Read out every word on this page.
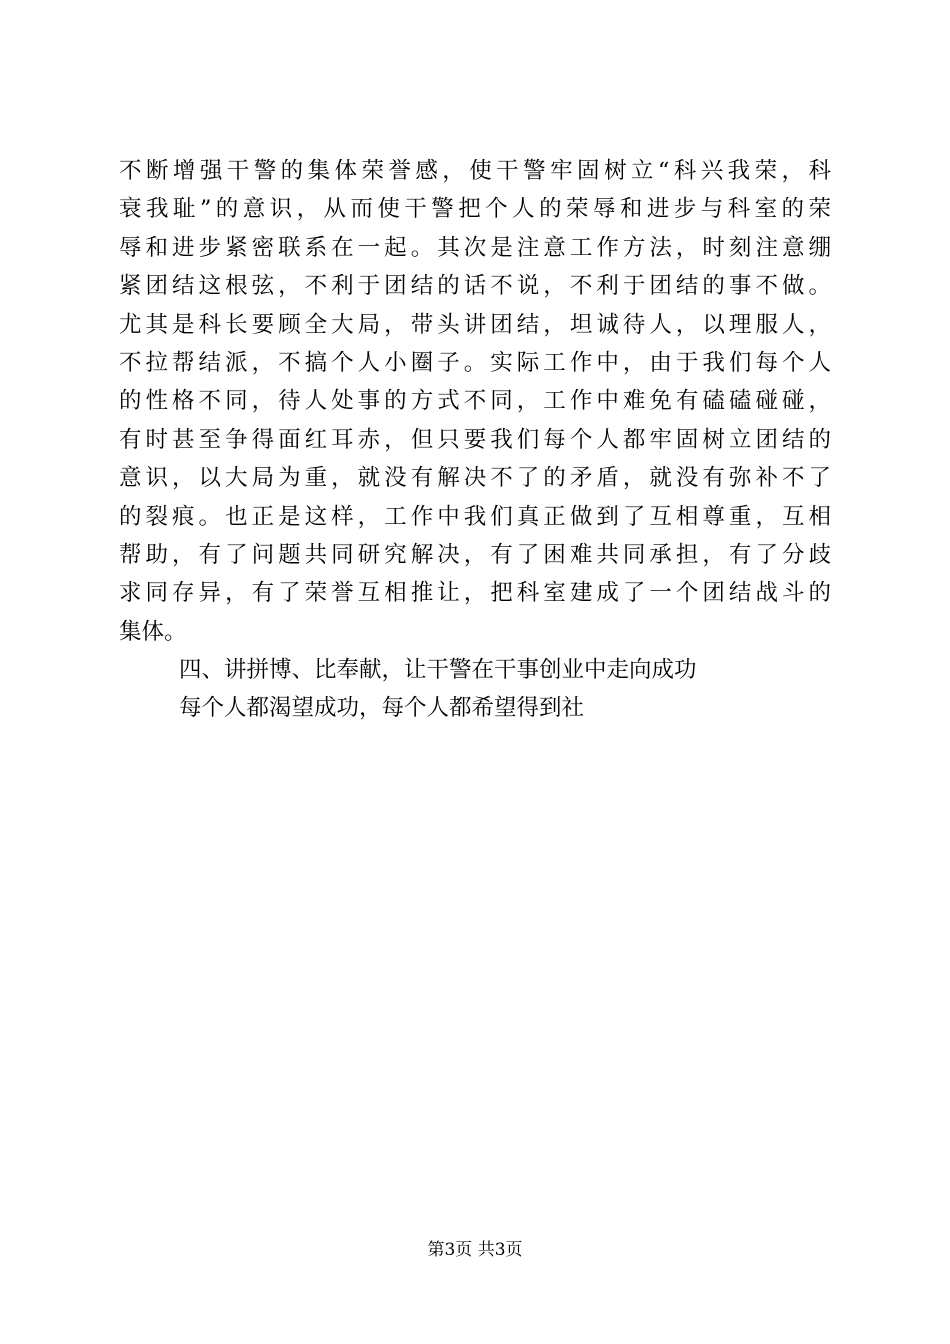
不断增强干警的集体荣誉感，使干警牢固树立“科兴我荣，科
衰我耻”的意识，从而使干警把个人的荣辱和进步与科室的荣
辱和进步紧密联系在一起。其次是注意工作方法，时刻注意绷
紧团结这根弦，不利于团结的话不说，不利于团结的事不做。
尤其是科长要顾全大局，带头讲团结，坦诚待人，以理服人，
不拉帮结派，不搞个人小圈子。实际工作中，由于我们每个人
的性格不同，待人处事的方式不同，工作中难免有磕磕碰碰，
有时甚至争得面红耳赤，但只要我们每个人都牢固树立团结的
意识，以大局为重，就没有解决不了的矛盾，就没有弥补不了
的裂痕。也正是这样，工作中我们真正做到了互相尊重，互相
帮助，有了问题共同研究解决，有了困难共同承担，有了分歧
求同存异，有了荣誉互相推让，把科室建成了一个团结战斗的
集体。
四、讲拼博、比奉献，让干警在干事创业中走向成功
每个人都渴望成功，每个人都希望得到社
第3页 共3页
